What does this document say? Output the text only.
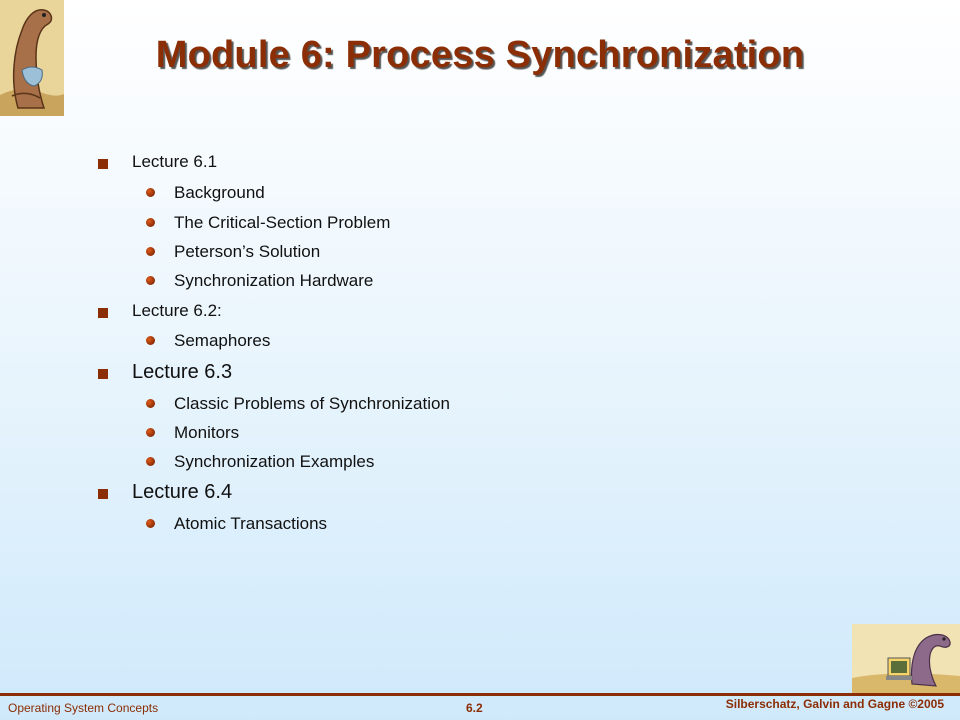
Module 6: Process Synchronization
Lecture 6.1
Background
The Critical-Section Problem
Peterson’s Solution
Synchronization Hardware
Lecture 6.2:
Semaphores
Lecture 6.3
Classic Problems of Synchronization
Monitors
Synchronization Examples
Lecture 6.4
Atomic Transactions
Operating System Concepts	6.2	Silberschatz, Galvin and Gagne ©2005
